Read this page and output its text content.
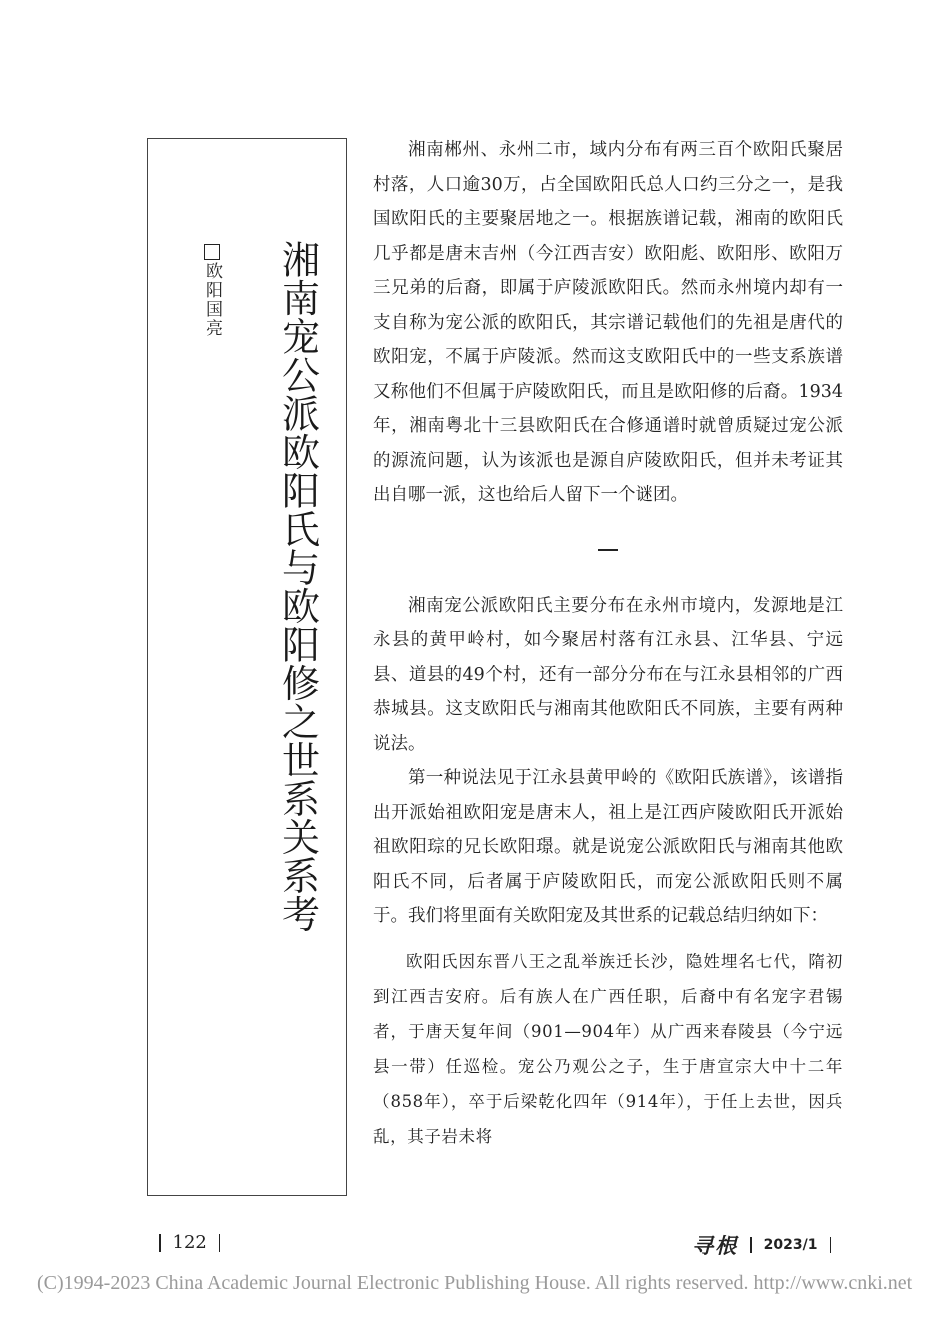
欧阳国亮 湘南宠公派欧阳氏与欧阳修之世系关系考

湘南郴州、永州二市，域内分布有两三百个欧阳氏聚居村落，人口逾30万，占全国欧阳氏总人口约三分之一，是我国欧阳氏的主要聚居地之一。根据族谱记载，湘南的欧阳氏几乎都是唐末吉州（今江西吉安）欧阳彪、欧阳彤、欧阳万三兄弟的后裔，即属于庐陵派欧阳氏。然而永州境内却有一支自称为宠公派的欧阳氏，其宗谱记载他们的先祖是唐代的欧阳宠，不属于庐陵派。然而这支欧阳氏中的一些支系族谱又称他们不但属于庐陵欧阳氏，而且是欧阳修的后裔。1934年，湘南粤北十三县欧阳氏在合修通谱时就曾质疑过宠公派的源流问题，认为该派也是源自庐陵欧阳氏，但并未考证其出自哪一派，这也给后人留下一个谜团。

湘南宠公派欧阳氏主要分布在永州市境内，发源地是江永县的黄甲岭村，如今聚居村落有江永县、江华县、宁远县、道县的49个村，还有一部分分布在与江永县相邻的广西恭城县。这支欧阳氏与湘南其他欧阳氏不同族，主要有两种说法。

第一种说法见于江永县黄甲岭的《欧阳氏族谱》，该谱指出开派始祖欧阳宠是唐末人，祖上是江西庐陵欧阳氏开派始祖欧阳琮的兄长欧阳璟。就是说宠公派欧阳氏与湘南其他欧阳氏不同，后者属于庐陵欧阳氏，而宠公派欧阳氏则不属于。我们将里面有关欧阳宠及其世系的记载总结归纳如下：

欧阳氏因东晋八王之乱举族迁长沙，隐姓埋名七代，隋初到江西吉安府。后有族人在广西任职，后裔中有名宠字君锡者，于唐天复年间（901—904年）从广西来春陵县（今宁远县一带）任巡检。宠公乃观公之子，生于唐宣宗大中十二年（858年），卒于后梁乾化四年（914年），于任上去世，因兵乱，其子岩未将

122	寻根 2023/1
(C)1994-2023 China Academic Journal Electronic Publishing House. All rights reserved. http://www.cnki.net
